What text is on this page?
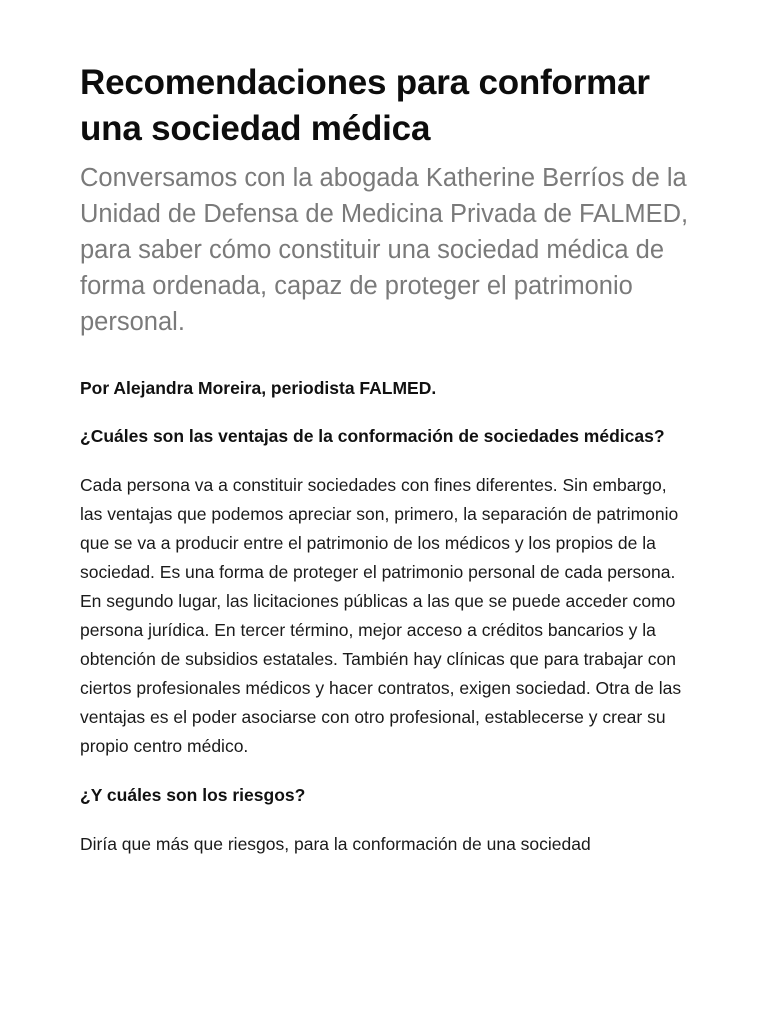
Recomendaciones para conformar una sociedad médica

Conversamos con la abogada Katherine Berríos de la Unidad de Defensa de Medicina Privada de FALMED, para saber cómo constituir una sociedad médica de forma ordenada, capaz de proteger el patrimonio personal.

Por Alejandra Moreira, periodista FALMED.

¿Cuáles son las ventajas de la conformación de sociedades médicas?

Cada persona va a constituir sociedades con fines diferentes. Sin embargo, las ventajas que podemos apreciar son, primero, la separación de patrimonio que se va a producir entre el patrimonio de los médicos y los propios de la sociedad. Es una forma de proteger el patrimonio personal de cada persona. En segundo lugar, las licitaciones públicas a las que se puede acceder como persona jurídica. En tercer término, mejor acceso a créditos bancarios y la obtención de subsidios estatales. También hay clínicas que para trabajar con ciertos profesionales médicos y hacer contratos, exigen sociedad. Otra de las ventajas es el poder asociarse con otro profesional, establecerse y crear su propio centro médico.

¿Y cuáles son los riesgos?

Diría que más que riesgos, para la conformación de una sociedad
